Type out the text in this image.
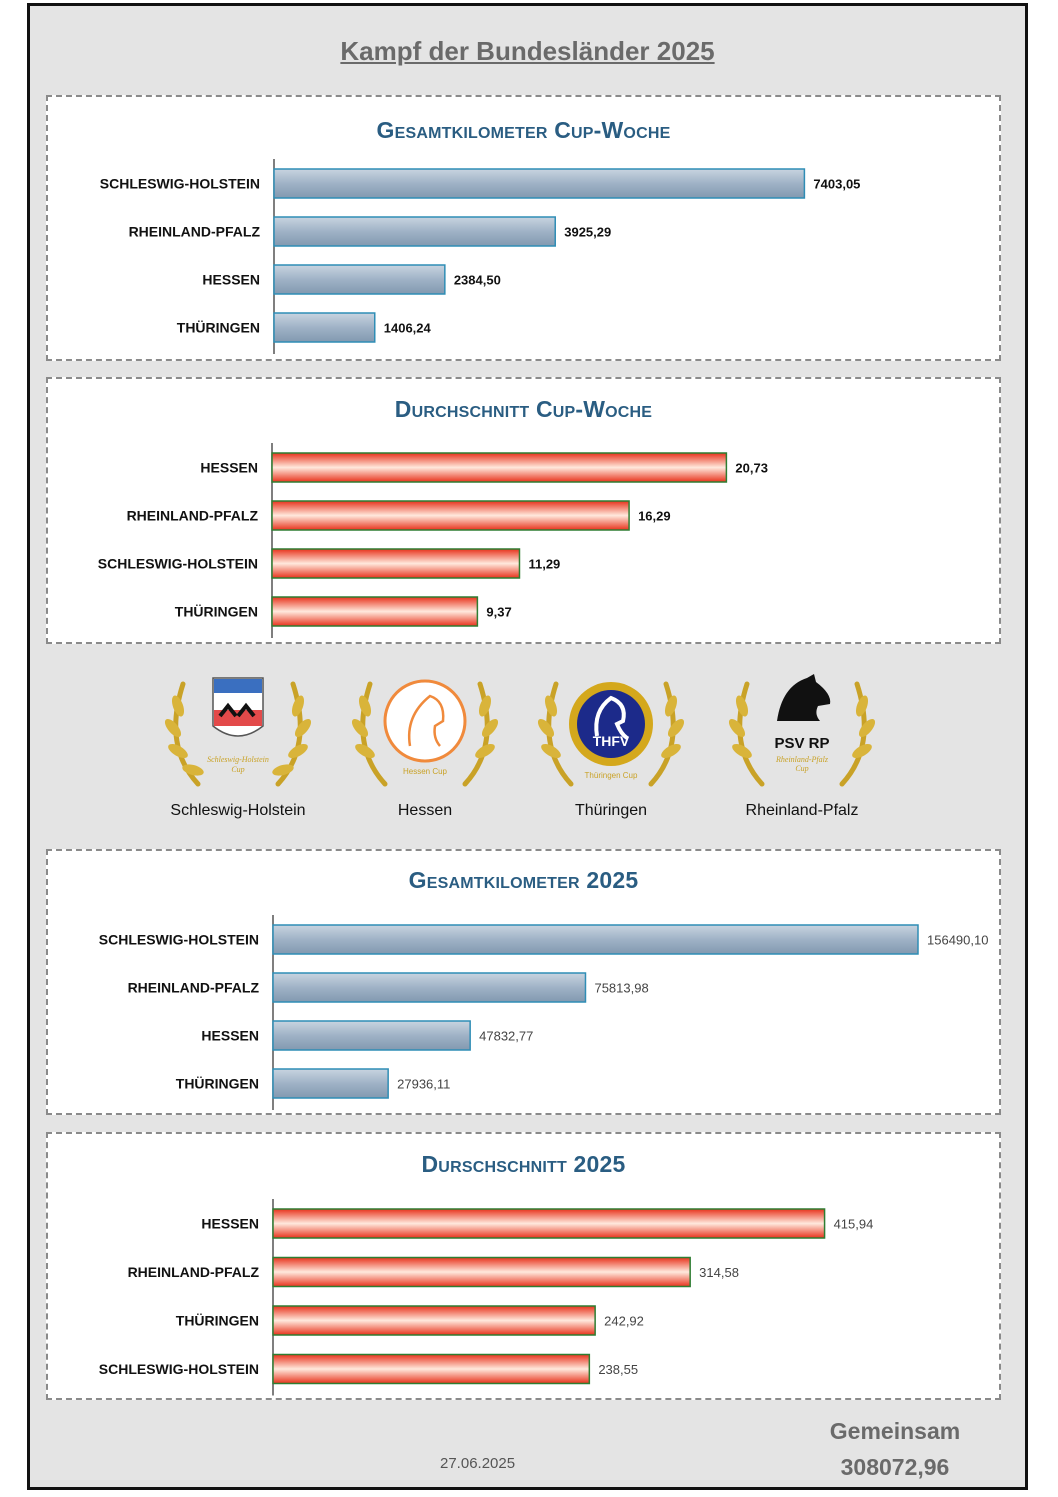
Kampf der Bundesländer 2025
Gesamtkilometer Cup-Woche
SCHLESWIG-HOLSTEIN	7403,05
RHEINLAND-PFALZ	3925,29
HESSEN	2384,50
THÜRINGEN	1406,24
Durchschnitt Cup-Woche
HESSEN	20,73
RHEINLAND-PFALZ	16,29
SCHLESWIG-HOLSTEIN	11,29
THÜRINGEN	9,37
Schleswig-Holstein
Cup
Schleswig-Holstein
Hessen Cup
Hessen
THFV
Thüringen Cup
Thüringen
PSV RP
Rheinland-Pfalz
Cup
Rheinland-Pfalz
Gesamtkilometer 2025
SCHLESWIG-HOLSTEIN	156490,10
RHEINLAND-PFALZ	75813,98
HESSEN	47832,77
THÜRINGEN	27936,11
Durschschnitt 2025
HESSEN	415,94
RHEINLAND-PFALZ	314,58
THÜRINGEN	242,92
SCHLESWIG-HOLSTEIN	238,55
Gemeinsam
308072,96
27.06.2025
